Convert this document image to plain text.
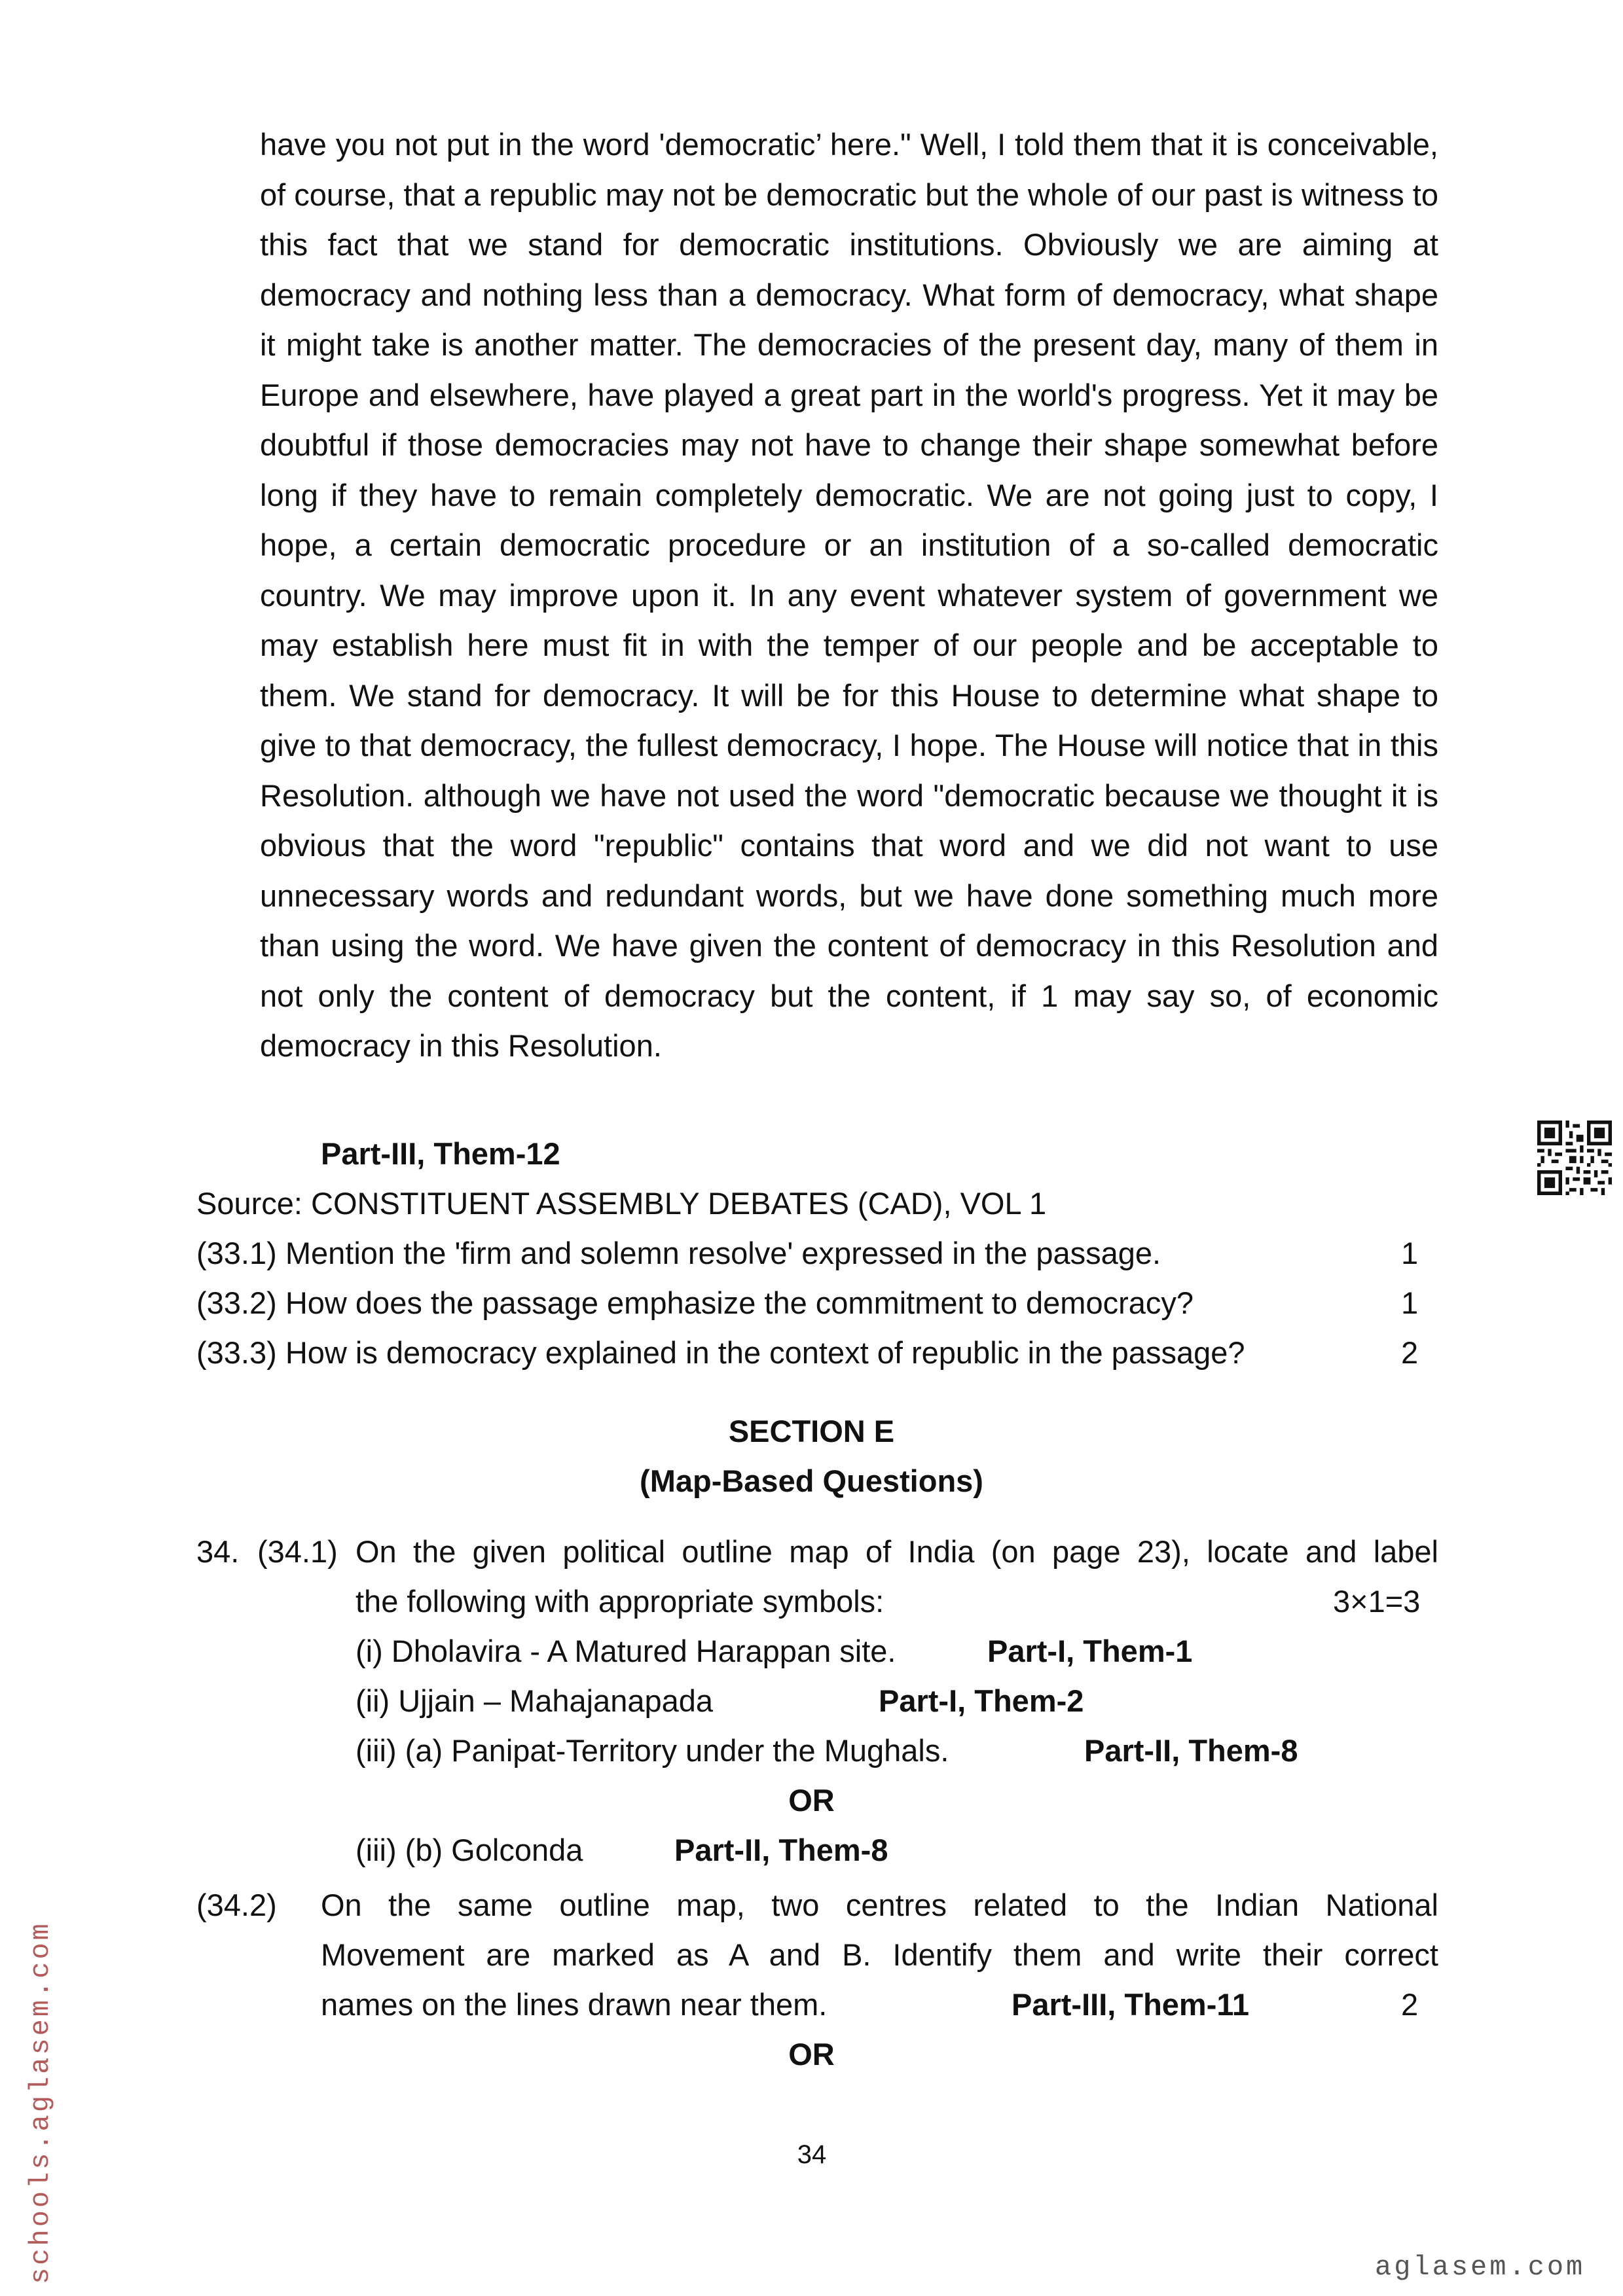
have you not put in the word 'democratic’ here." Well, I told them that it is conceivable, of course, that a republic may not be democratic but the whole of our past is witness to this fact that we stand for democratic institutions. Obviously we are aiming at democracy and nothing less than a democracy. What form of democracy, what shape it might take is another matter. The democracies of the present day, many of them in Europe and elsewhere, have played a great part in the world's progress. Yet it may be doubtful if those democracies may not have to change their shape somewhat before long if they have to remain completely democratic. We are not going just to copy, I hope, a certain democratic procedure or an institution of a so-called democratic country. We may improve upon it. In any event whatever system of government we may establish here must fit in with the temper of our people and be acceptable to them. We stand for democracy. It will be for this House to determine what shape to give to that democracy, the fullest democracy, I hope. The House will notice that in this Resolution. although we have not used the word "democratic because we thought it is obvious that the word "republic" contains that word and we did not want to use unnecessary words and redundant words, but we have done something much more than using the word. We have given the content of democracy in this Resolution and not only the content of democracy but the content, if 1 may say so, of economic democracy in this Resolution.

Part-III, Them-12
Source: CONSTITUENT ASSEMBLY DEBATES (CAD), VOL 1
(33.1) Mention the 'firm and solemn resolve' expressed in the passage.	1
(33.2) How does the passage emphasize the commitment to democracy?	1
(33.3) How is democracy explained in the context of republic in the passage?	2
SECTION E
(Map-Based Questions)
34. (34.1) On the given political outline map of India (on page 23), locate and label
the following with appropriate symbols:	3×1=3
(i) Dholavira - A Matured Harappan site.	Part-I, Them-1
(ii) Ujjain – Mahajanapada	Part-I, Them-2
(iii) (a) Panipat-Territory under the Mughals.	Part-II, Them-8
OR
(iii) (b) Golconda	Part-II, Them-8
(34.2) On the same outline map, two centres related to the Indian National
Movement are marked as A and B. Identify them and write their correct
names on the lines drawn near them.	Part-III, Them-11	2
OR
34
schools.aglasem.com	aglasem.com
